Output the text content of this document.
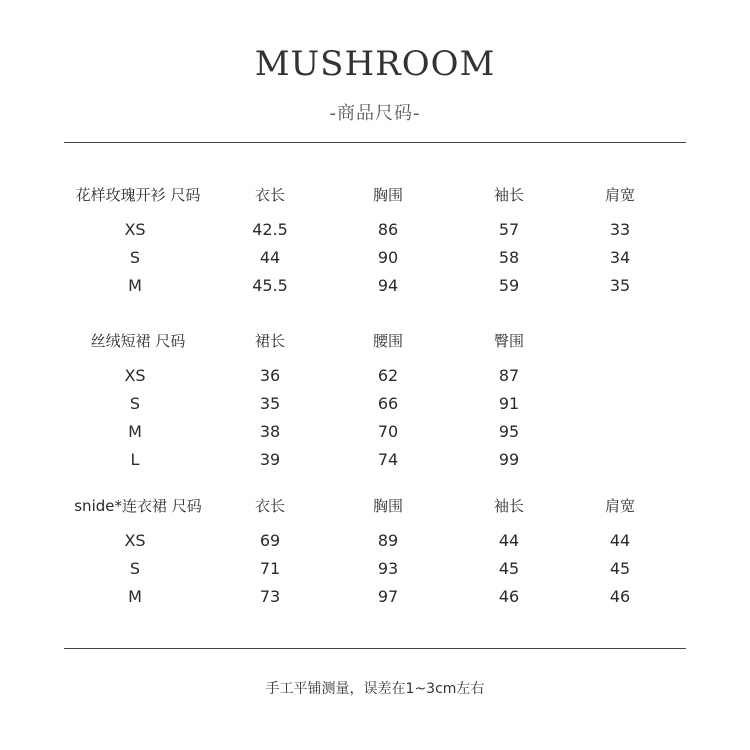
MUSHROOM
-商品尺码-
花样玫瑰开衫 尺码	衣长	胸围	袖长	肩宽
XS	42.5	86	57	33
S	44	90	58	34
M	45.5	94	59	35
丝绒短裙 尺码	裙长	腰围	臀围
XS	36	62	87
S	35	66	91
M	38	70	95
L	39	74	99
snide*连衣裙 尺码	衣长	胸围	袖长	肩宽
XS	69	89	44	44
S	71	93	45	45
M	73	97	46	46
手工平铺测量，误差在1~3cm左右
